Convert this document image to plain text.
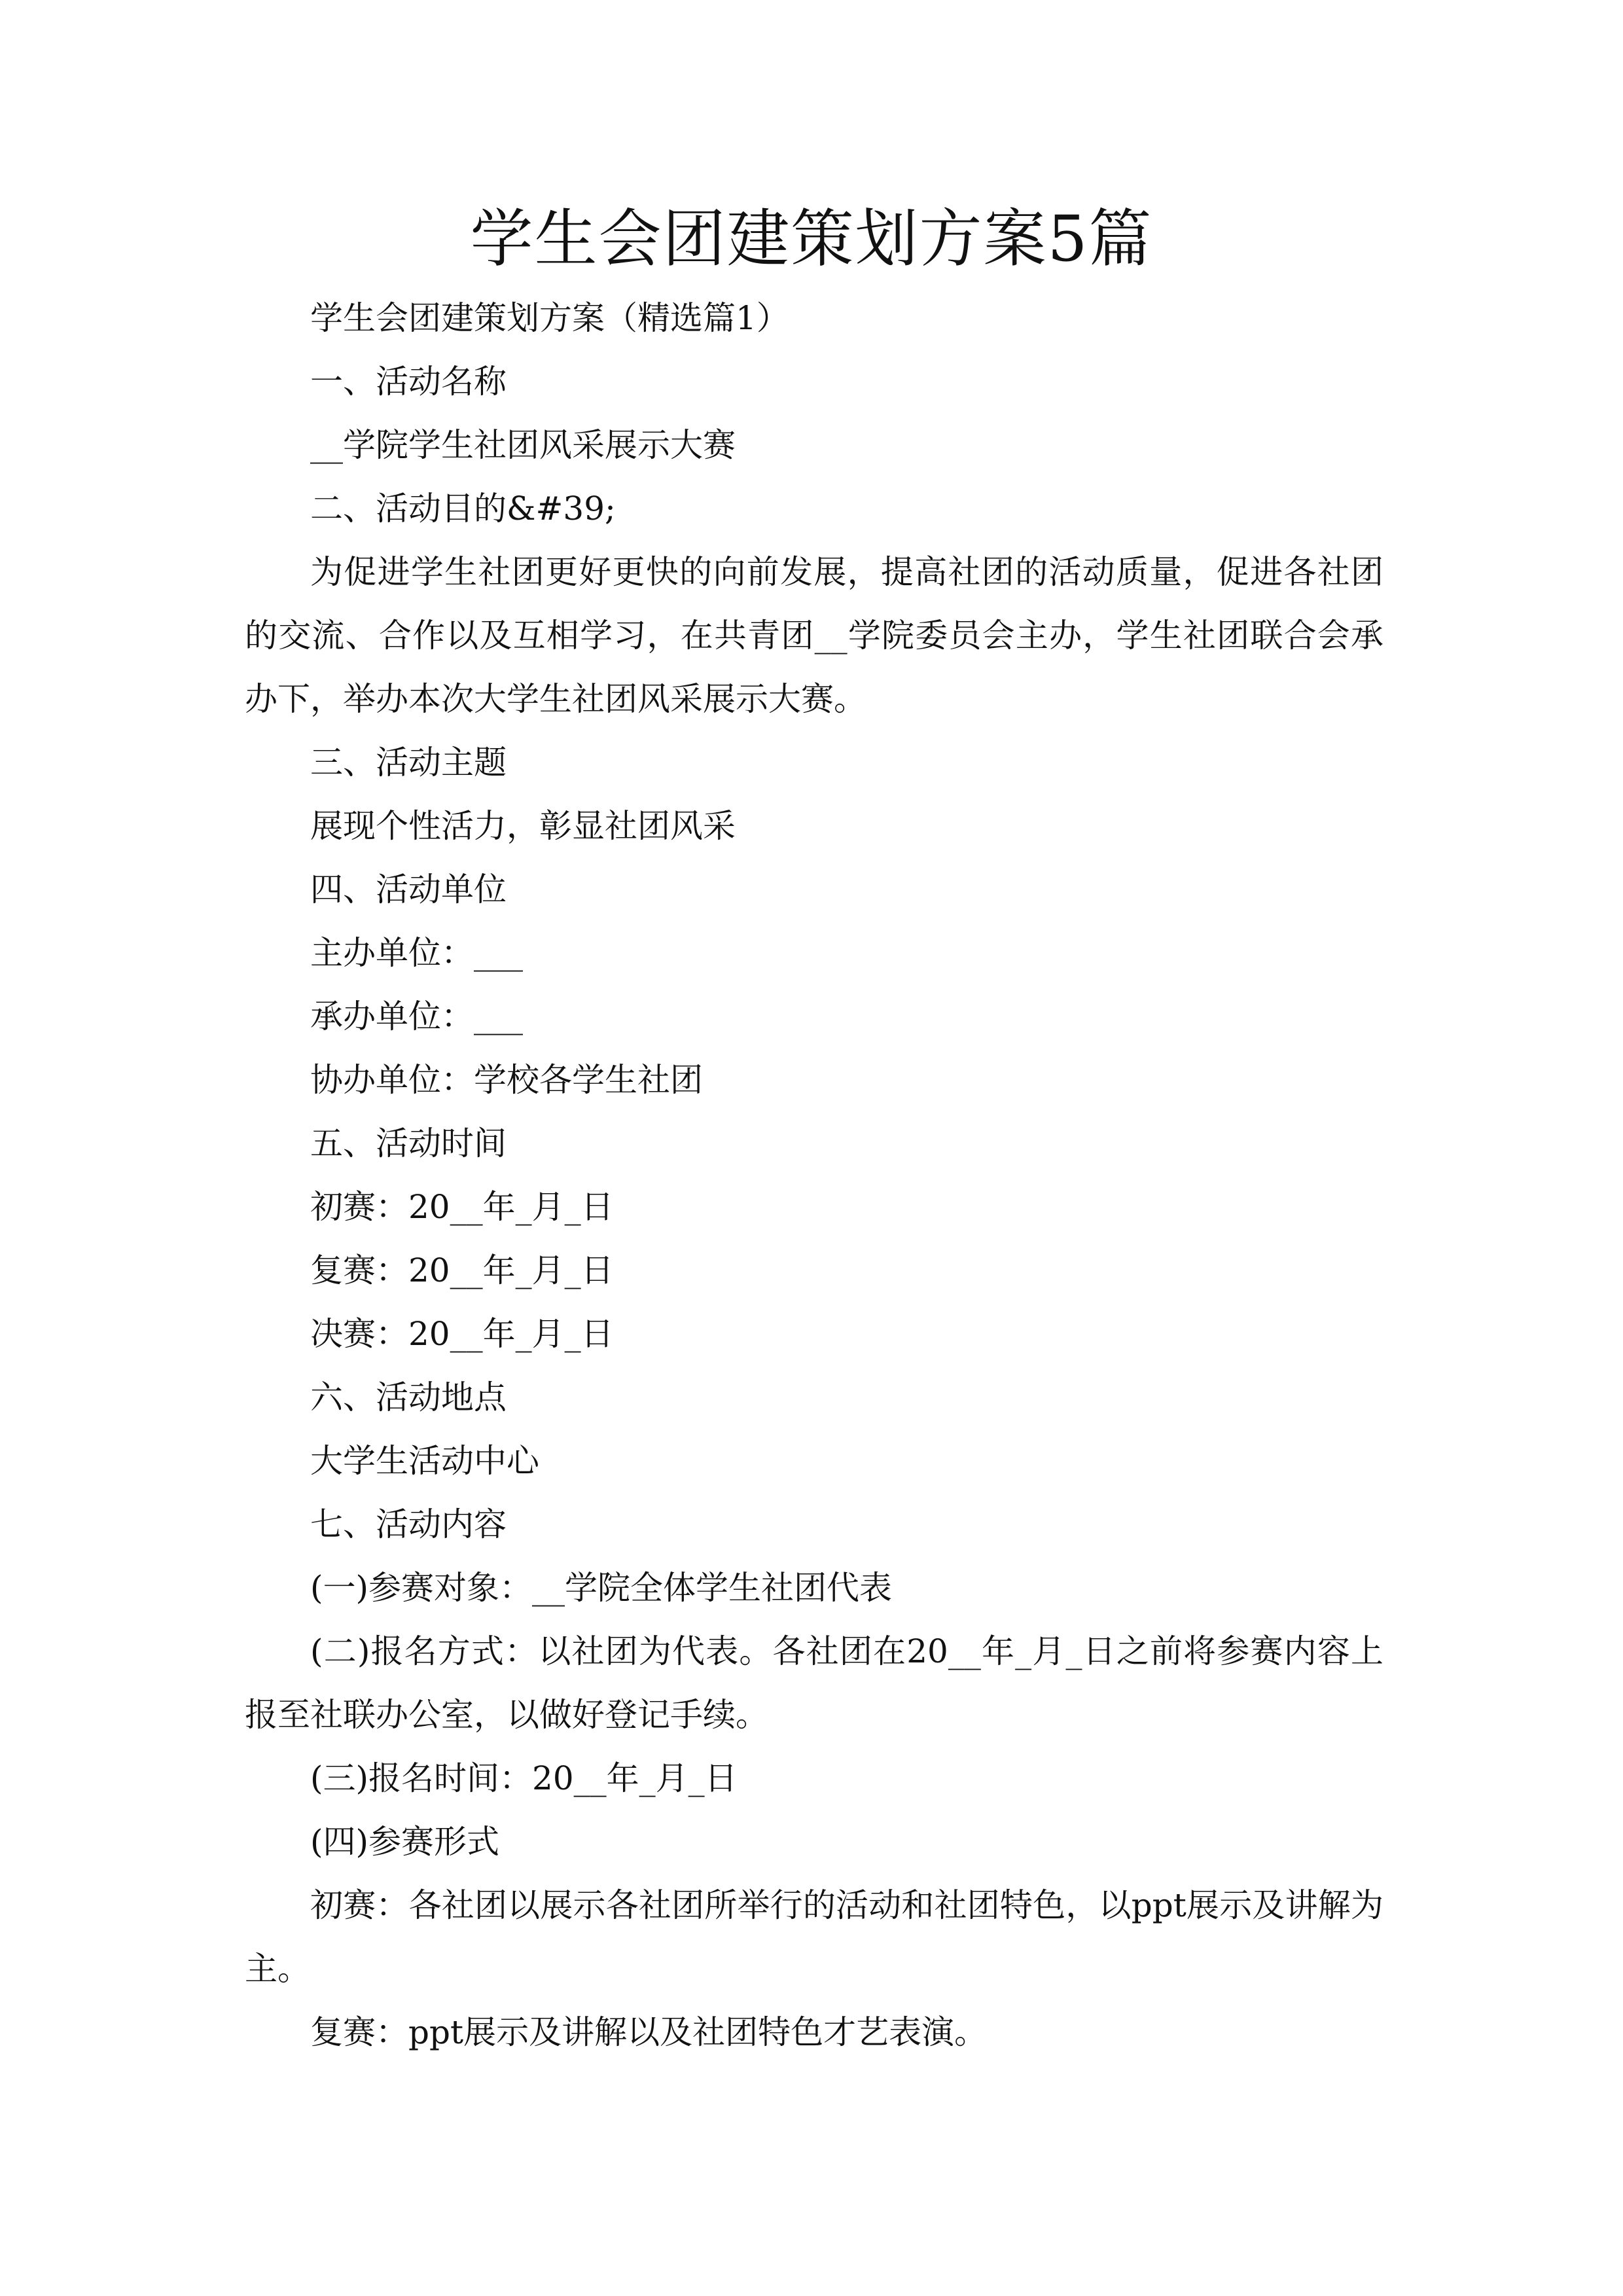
学生会团建策划方案5篇

学生会团建策划方案（精选篇1）

一、活动名称

__学院学生社团风采展示大赛

二、活动目的&#39;

为促进学生社团更好更快的向前发展，提高社团的活动质量，促进各社团的交流、合作以及互相学习，在共青团__学院委员会主办，学生社团联合会承办下，举办本次大学生社团风采展示大赛。

三、活动主题

展现个性活力，彰显社团风采

四、活动单位

主办单位：___

承办单位：___

协办单位：学校各学生社团

五、活动时间

初赛：20__年_月_日

复赛：20__年_月_日

决赛：20__年_月_日

六、活动地点

大学生活动中心

七、活动内容

(一)参赛对象：__学院全体学生社团代表

(二)报名方式：以社团为代表。各社团在20__年_月_日之前将参赛内容上报至社联办公室，以做好登记手续。

(三)报名时间：20__年_月_日

(四)参赛形式

初赛：各社团以展示各社团所举行的活动和社团特色，以ppt展示及讲解为主。

复赛：ppt展示及讲解以及社团特色才艺表演。
